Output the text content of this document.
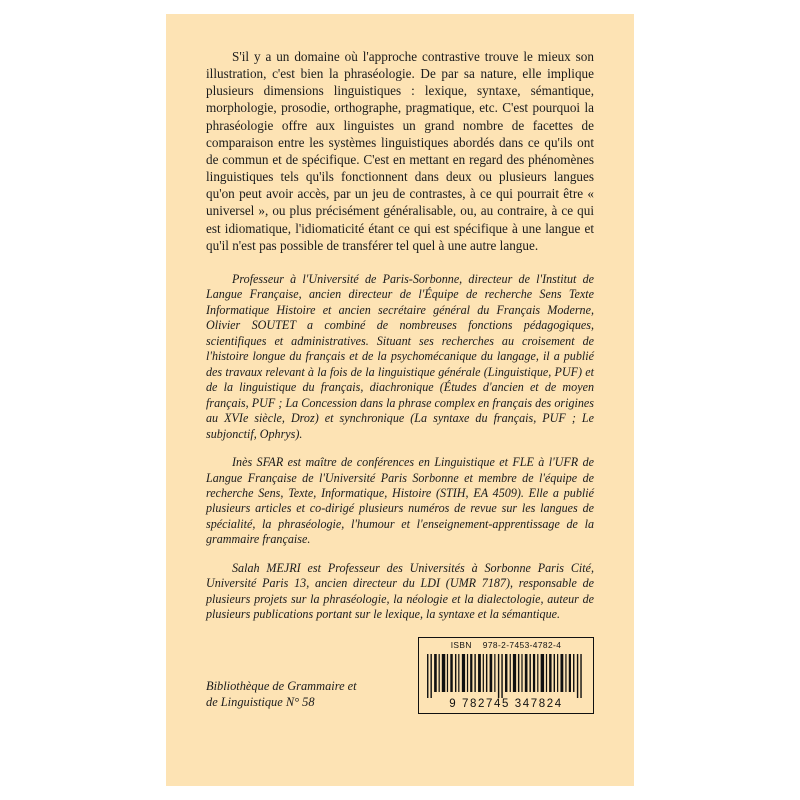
S'il y a un domaine où l'approche contrastive trouve le mieux son illustration, c'est bien la phraséologie. De par sa nature, elle implique plusieurs dimensions linguistiques : lexique, syntaxe, sémantique, morphologie, prosodie, orthographe, pragmatique, etc. C'est pourquoi la phraséologie offre aux linguistes un grand nombre de facettes de comparaison entre les systèmes linguistiques abordés dans ce qu'ils ont de commun et de spécifique. C'est en mettant en regard des phénomènes linguistiques tels qu'ils fonctionnent dans deux ou plusieurs langues qu'on peut avoir accès, par un jeu de contrastes, à ce qui pourrait être « universel », ou plus précisément généralisable, ou, au contraire, à ce qui est idiomatique, l'idiomaticité étant ce qui est spécifique à une langue et qu'il n'est pas possible de transférer tel quel à une autre langue.

Professeur à l'Université de Paris-Sorbonne, directeur de l'Institut de Langue Française, ancien directeur de l'Équipe de recherche Sens Texte Informatique Histoire et ancien secrétaire général du Français Moderne, Olivier SOUTET a combiné de nombreuses fonctions pédagogiques, scientifiques et administratives. Situant ses recherches au croisement de l'histoire longue du français et de la psychomécanique du langage, il a publié des travaux relevant à la fois de la linguistique générale (Linguistique, PUF) et de la linguistique du français, diachronique (Études d'ancien et de moyen français, PUF ; La Concession dans la phrase complex en français des origines au XVIe siècle, Droz) et synchronique (La syntaxe du français, PUF ; Le subjonctif, Ophrys).

Inès SFAR est maître de conférences en Linguistique et FLE à l'UFR de Langue Française de l'Université Paris Sorbonne et membre de l'équipe de recherche Sens, Texte, Informatique, Histoire (STIH, EA 4509). Elle a publié plusieurs articles et co-dirigé plusieurs numéros de revue sur les langues de spécialité, la phraséologie, l'humour et l'enseignement-apprentissage de la grammaire française.

Salah MEJRI est Professeur des Universités à Sorbonne Paris Cité, Université Paris 13, ancien directeur du LDI (UMR 7187), responsable de plusieurs projets sur la phraséologie, la néologie et la dialectologie, auteur de plusieurs publications portant sur le lexique, la syntaxe et la sémantique.

Bibliothèque de Grammaire et
de Linguistique N° 58
ISBN 978-2-7453-4782-4
9 782745 347824
